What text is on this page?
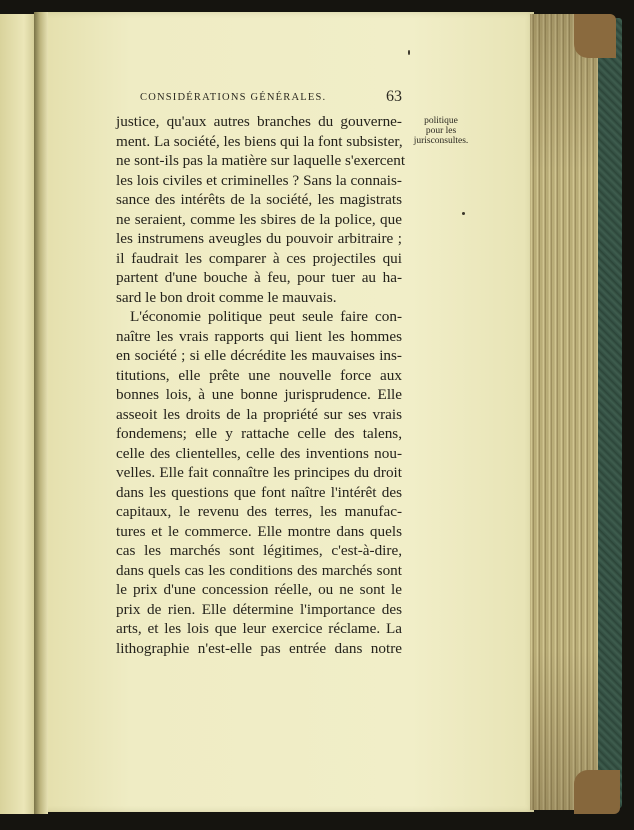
CONSIDÉRATIONS GÉNÉRALES.	63
politique
pour les
jurisconsultes.
justice, qu'aux autres branches du gouverne-
ment. La société, les biens qui la font subsister,
ne sont-ils pas la matière sur laquelle s'exercent
les lois civiles et criminelles ? Sans la connais-
sance des intérêts de la société, les magistrats
ne seraient, comme les sbires de la police, que
les instrumens aveugles du pouvoir arbitraire ;
il faudrait les comparer à ces projectiles qui
partent d'une bouche à feu, pour tuer au ha-
sard le bon droit comme le mauvais.
L'économie politique peut seule faire con-
naître les vrais rapports qui lient les hommes
en société ; si elle décrédite les mauvaises ins-
titutions, elle prête une nouvelle force aux
bonnes lois, à une bonne jurisprudence. Elle
asseoit les droits de la propriété sur ses vrais
fondemens; elle y rattache celle des talens,
celle des clientelles, celle des inventions nou-
velles. Elle fait connaître les principes du droit
dans les questions que font naître l'intérêt des
capitaux, le revenu des terres, les manufac-
tures et le commerce. Elle montre dans quels
cas les marchés sont légitimes, c'est-à-dire,
dans quels cas les conditions des marchés sont
le prix d'une concession réelle, ou ne sont le
prix de rien. Elle détermine l'importance des
arts, et les lois que leur exercice réclame. La
lithographie n'est-elle pas entrée dans notre
